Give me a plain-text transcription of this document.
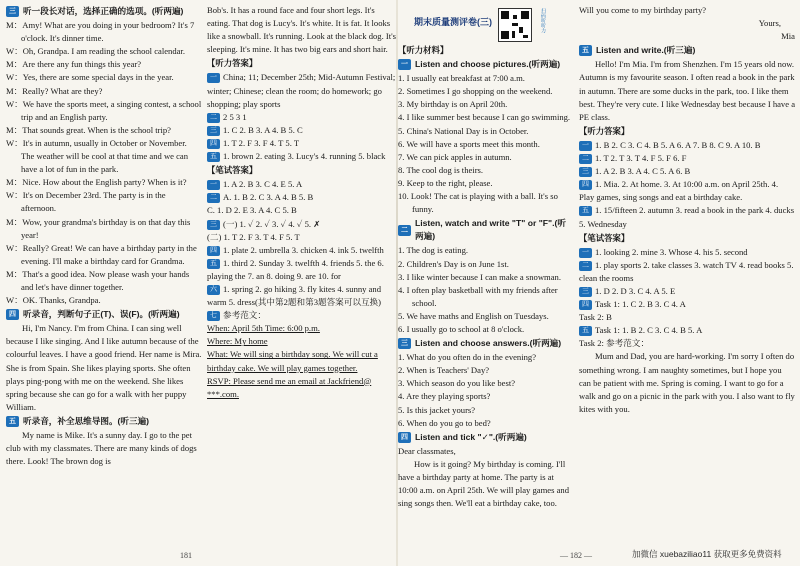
三 听一段长对话，选择正确的选项。(听两遍)

M：Amy! What are you doing in your bedroom? It's 7 o'clock. It's dinner time.

W：Oh, Grandpa. I am reading the school calendar.

M：Are there any fun things this year?

W：Yes, there are some special days in the year.

M：Really? What are they?

W：We have the sports meet, a singing contest, a school trip and an English party.

M：That sounds great. When is the school trip?

W：It's in autumn, usually in October or November. The weather will be cool at that time and we can have a lot of fun in the park.

M：Nice. How about the English party? When is it?

W：It's on December 23rd. The party is in the afternoon.

M：Wow, your grandma's birthday is on that day this year!

W：Really? Great! We can have a birthday party in the evening. I'll make a birthday card for Grandma.

M：That's a good idea. Now please wash your hands and let's have dinner together.

W：OK. Thanks, Grandpa.

四 听录音，判断句子正(T)、误(F)。(听两遍)

Hi, I'm Nancy. I'm from China. I can sing well because I like singing. And I like autumn because of the colourful leaves. I have a good friend. Her name is Mira. She is from Spain. She likes playing sports. She often plays ping-pong with me on the weekend. She likes spring because she can go for a walk with her puppy William.

五 听录音，补全思维导图。(听三遍)

My name is Mike. It's a sunny day. I go to the pet club with my classmates. There are many kinds of dogs there. Look! The brown dog is

Bob's. It has a round face and four short legs. It's eating. That dog is Lucy's. It's white. It is fat. It looks like a snowball. It's running. Look at the black dog. It's sleeping. It's mine. It has two big ears and short hair.

【听力答案】

一 China; 11; December 25th; Mid-Autumn Festival; winter; Chinese; clean the room; do homework; go shopping; play sports

二 2 5 3 1

三 1. C 2. B 3. A 4. B 5. C

四 1. T 2. F 3. F 4. T 5. T

五 1. brown 2. eating 3. Lucy's 4. running 5. black

【笔试答案】

一 1. A 2. B 3. C 4. E 5. A

二 A. 1. B 2. C 3. A 4. B 5. B

C. 1. D 2. E 3. A 4. C 5. B

三 (一) 1. ✓ 2. ✓ 3. ✓ 4. ✓ 5. ✗

(二) 1. T 2. F 3. T 4. F 5. T

四 1. plate 2. umbrella 3. chicken 4. ink 5. twelfth

五 1. third 2. Sunday 3. twelfth 4. friends 5. the 6. playing the 7. an 8. doing 9. are 10. for

六 1. spring 2. go hiking 3. fly kites 4. sunny and warm 5. dress(其中第2题和第3题答案可以互换)

七 参考范文：

When: April 5th Time: 6:00 p.m.

Where: My home

What: We will sing a birthday song. We will cut a birthday cake. We will play games together.

RSVP: Please send me an email at Jackfriend@ ***.com.

期末质量测评卷(三)	扫码听听力
【听力材料】
一 Listen and choose pictures.(听两遍)

1. I usually eat breakfast at 7:00 a.m.

2. Sometimes I go shopping on the weekend.

3. My birthday is on April 20th.

4. I like summer best because I can go swimming.

5. China's National Day is in October.

6. We will have a sports meet this month.

7. We can pick apples in autumn.

8. The cool dog is theirs.

9. Keep to the right, please.

10. Look! The cat is playing with a ball. It's so funny.

二
Listen, watch and write "T" or "F".(听两遍)

1. The dog is eating.

2. Children's Day is on June 1st.

3. I like winter because I can make a snowman.

4. I often play basketball with my friends after school.

5. We have maths and English on Tuesdays.

6. I usually go to school at 8 o'clock.

三 Listen and choose answers.(听两遍)

1. What do you often do in the evening?

2. When is Teachers' Day?

3. Which season do you like best?

4. Are they playing sports?

5. Is this jacket yours?

6. When do you go to bed?

四 Listen and tick "✓".(听两遍)

Dear classmates,

How is it going? My birthday is coming. I'll have a birthday party at home. The party is at 10:00 a.m. on April 25th. We will play games and sing songs then. We'll eat a birthday cake, too.

Will you come to my birthday party?

Yours,

Mia

五 Listen and write.(听三遍)

Hello! I'm Mia. I'm from Shenzhen. I'm 15 years old now. Autumn is my favourite season. I often read a book in the park in autumn. There are some ducks in the park, too. I like them best. They're very cute. I like Wednesday best because I have a PE class.

【听力答案】

一 1. B 2. C 3. C 4. B 5. A 6. A 7. B 8. C 9. A 10. B

二 1. T 2. T 3. T 4. F 5. F 6. F

三 1. A 2. B 3. A 4. C 5. A 6. B

四 1. Mia. 2. At home. 3. At 10:00 a.m. on April 25th. 4. Play games, sing songs and eat a birthday cake.

五 1. 15/fifteen 2. autumn 3. read a book in the park 4. ducks 5. Wednesday

【笔试答案】

一 1. looking 2. mine 3. Whose 4. his 5. second

二 1. play sports 2. take classes 3. watch TV 4. read books 5. clean the rooms

三 1. D 2. D 3. C 4. A 5. E

四 Task 1: 1. C 2. B 3. C 4. A

Task 2: B

五 Task 1: 1. B 2. C 3. C 4. B 5. A

Task 2: 参考范文：

Mum and Dad, you are hard-working. I'm sorry I often do something wrong. I am naughty sometimes, but I hope you can be patient with me. Spring is coming. I want to go for a walk and go on a picnic in the park with you. I also want to fly kites with you.

181	— 182 —	加微信 xuebaziliao11 获取更多免费资料
